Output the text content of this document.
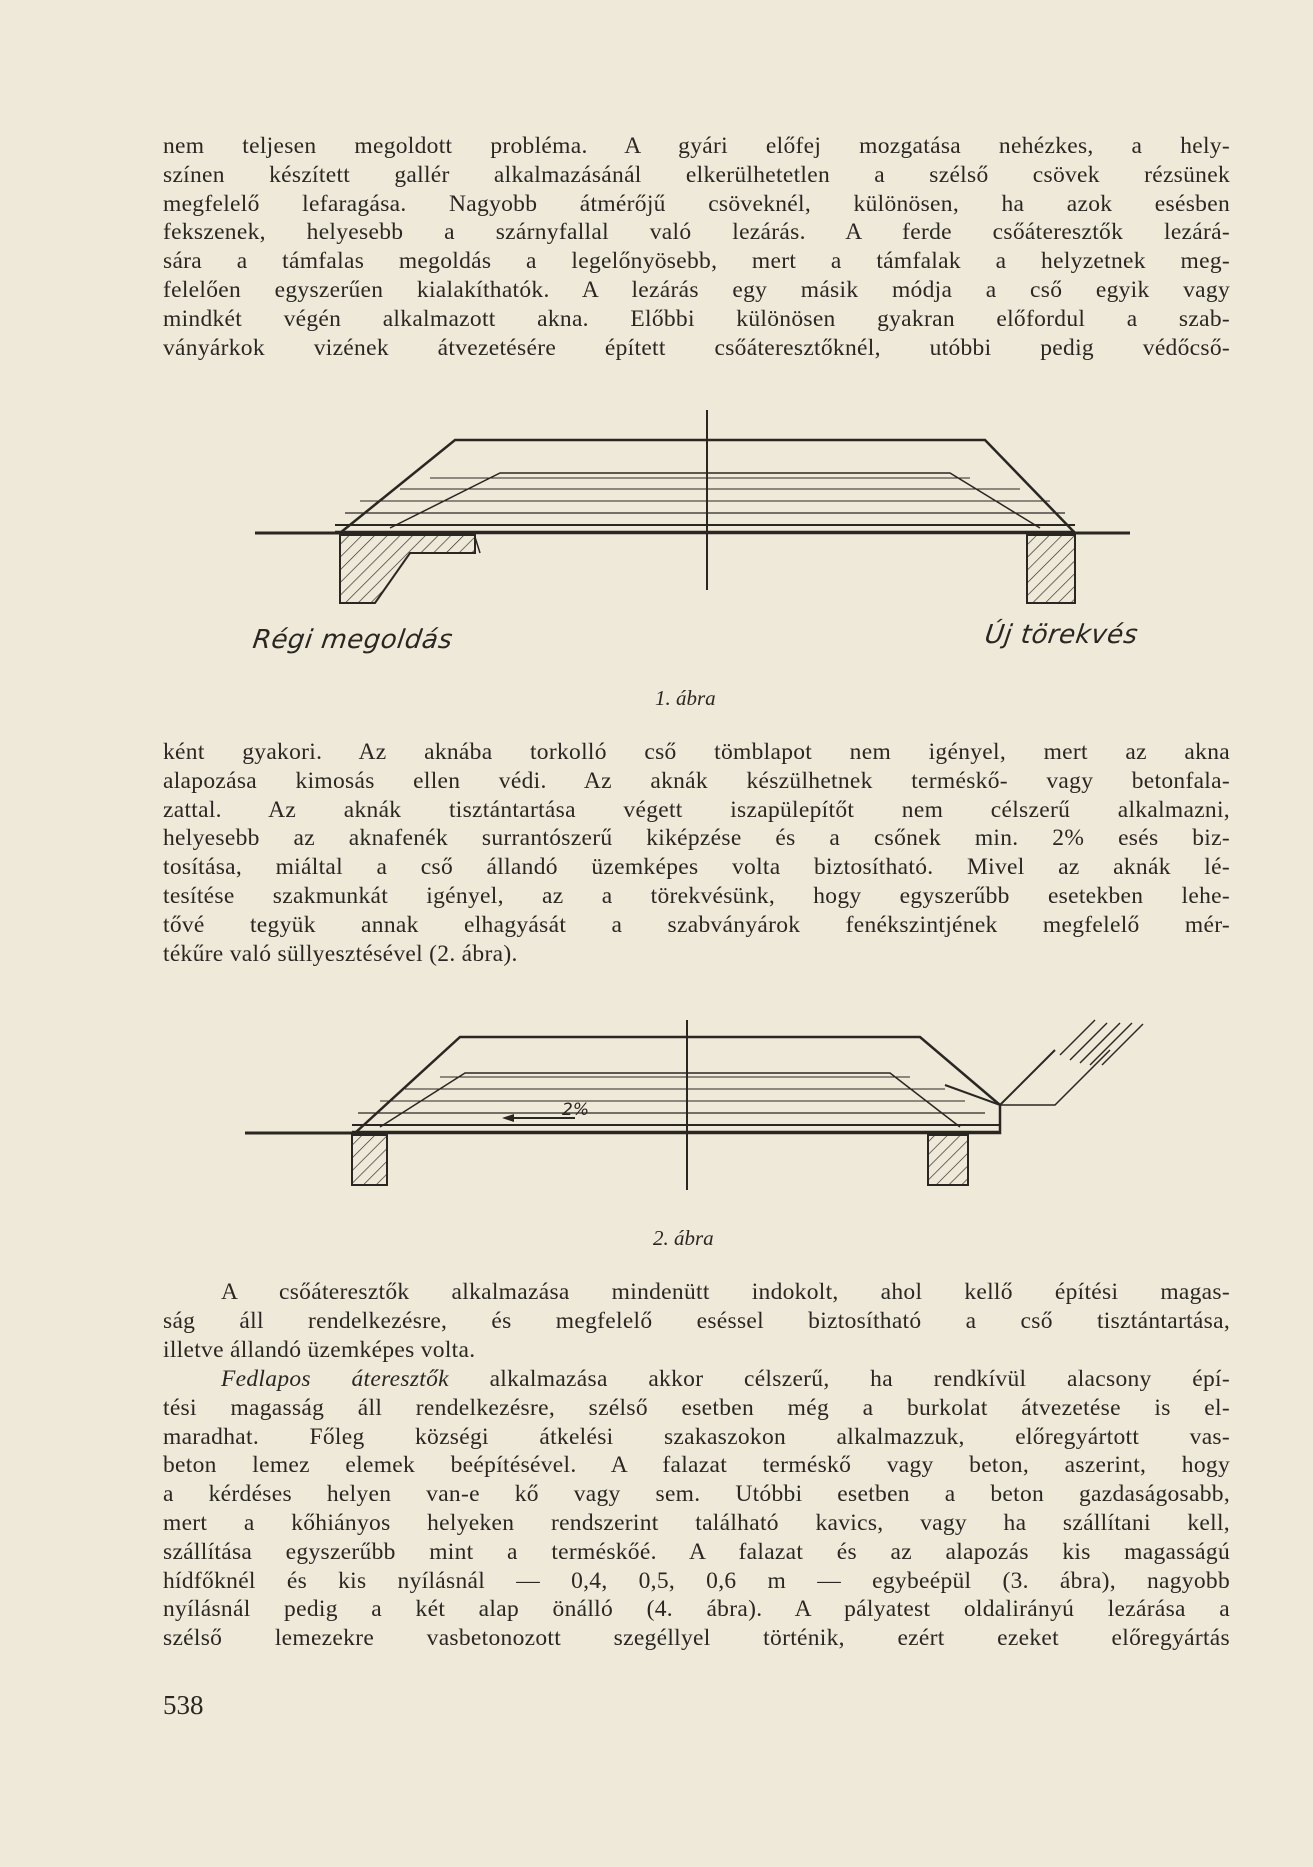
nem teljesen megoldott probléma. A gyári előfej mozgatása nehézkes, a hely-
színen készített gallér alkalmazásánál elkerülhetetlen a szélső csövek rézsünek
megfelelő lefaragása. Nagyobb átmérőjű csöveknél, különösen, ha azok esésben
fekszenek, helyesebb a szárnyfallal való lezárás. A ferde csőáteresztők lezárá-
sára a támfalas megoldás a legelőnyösebb, mert a támfalak a helyzetnek meg-
felelően egyszerűen kialakíthatók. A lezárás egy másik módja a cső egyik vagy
mindkét végén alkalmazott akna. Előbbi különösen gyakran előfordul a szab-
ványárkok vizének átvezetésére épített csőáteresztőknél, utóbbi pedig védőcső-
Régi megoldás	Új törekvés
1. ábra
ként gyakori. Az aknába torkolló cső tömblapot nem igényel, mert az akna
alapozása kimosás ellen védi. Az aknák készülhetnek terméskő- vagy betonfala-
zattal. Az aknák tisztántartása végett iszapülepítőt nem célszerű alkalmazni,
helyesebb az aknafenék surrantószerű kiképzése és a csőnek min. 2% esés biz-
tosítása, miáltal a cső állandó üzemképes volta biztosítható. Mivel az aknák lé-
tesítése szakmunkát igényel, az a törekvésünk, hogy egyszerűbb esetekben lehe-
tővé tegyük annak elhagyását a szabványárok fenékszintjének megfelelő mér-
tékűre való süllyesztésével (2. ábra).
2%
2. ábra
A csőáteresztők alkalmazása mindenütt indokolt, ahol kellő építési magas-
ság áll rendelkezésre, és megfelelő eséssel biztosítható a cső tisztántartása,
illetve állandó üzemképes volta.
Fedlapos áteresztők alkalmazása akkor célszerű, ha rendkívül alacsony épí-
tési magasság áll rendelkezésre, szélső esetben még a burkolat átvezetése is el-
maradhat. Főleg községi átkelési szakaszokon alkalmazzuk, előregyártott vas-
beton lemez elemek beépítésével. A falazat terméskő vagy beton, aszerint, hogy
a kérdéses helyen van-e kő vagy sem. Utóbbi esetben a beton gazdaságosabb,
mert a kőhiányos helyeken rendszerint található kavics, vagy ha szállítani kell,
szállítása egyszerűbb mint a terméskőé. A falazat és az alapozás kis magasságú
hídfőknél és kis nyílásnál — 0,4, 0,5, 0,6 m — egybeépül (3. ábra), nagyobb
nyílásnál pedig a két alap önálló (4. ábra). A pályatest oldalirányú lezárása a
szélső lemezekre vasbetonozott szegéllyel történik, ezért ezeket előregyártás
538
